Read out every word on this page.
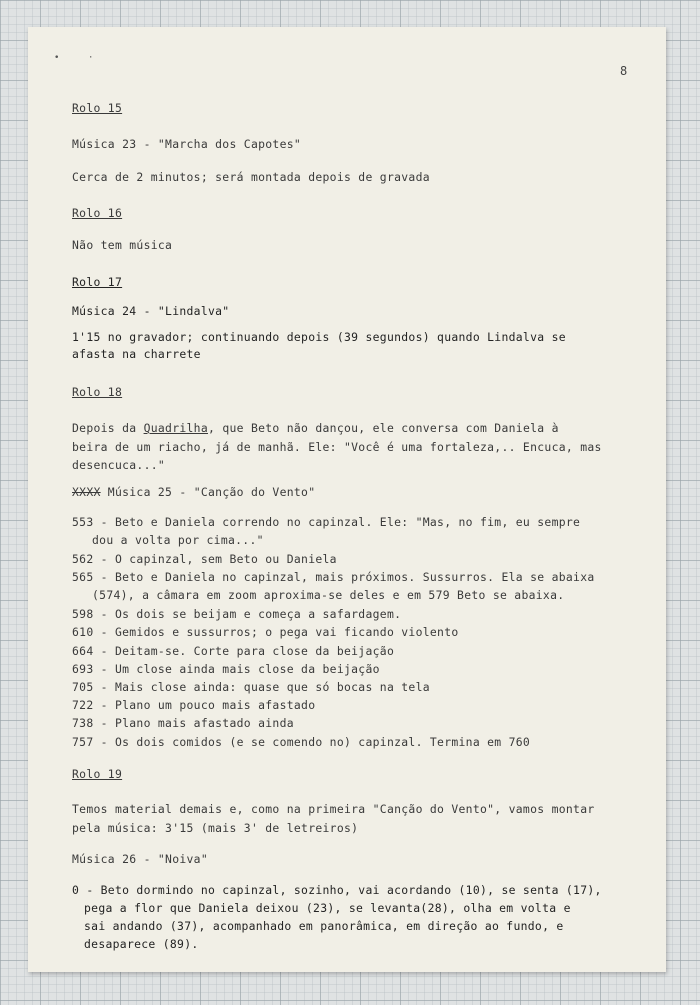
•	·
8
Rolo 15
Música 23 - "Marcha dos Capotes"
Cerca de 2 minutos; será montada depois de gravada
Rolo 16
Não tem música
Rolo 17
Música 24 - "Lindalva"
1'15 no gravador; continuando depois (39 segundos) quando Lindalva se
afasta na charrete
Rolo 18
Depois da Quadrilha, que Beto não dançou, ele conversa com Daniela à
beira de um riacho, já de manhã. Ele: "Você é uma fortaleza,.. Encuca, mas
desencuca..."
XXXX Música 25 - "Canção do Vento"
553 - Beto e Daniela correndo no capinzal. Ele: "Mas, no fim, eu sempre
dou a volta por cima..."
562 - O capinzal, sem Beto ou Daniela
565 - Beto e Daniela no capinzal, mais próximos. Sussurros. Ela se abaixa
(574), a câmara em zoom aproxima-se deles e em 579 Beto se abaixa.
598 - Os dois se beijam e começa a safardagem.
610 - Gemidos e sussurros; o pega vai ficando violento
664 - Deitam-se. Corte para close da beijação
693 - Um close ainda mais close da beijação
705 - Mais close ainda: quase que só bocas na tela
722 - Plano um pouco mais afastado
738 - Plano mais afastado ainda
757 - Os dois comidos (e se comendo no) capinzal. Termina em 760
Rolo 19
Temos material demais e, como na primeira "Canção do Vento", vamos montar
pela música: 3'15 (mais 3' de letreiros)
Música 26 - "Noiva"
0 - Beto dormindo no capinzal, sozinho, vai acordando (10), se senta (17),
pega a flor que Daniela deixou (23), se levanta(28), olha em volta e
sai andando (37), acompanhado em panorâmica, em direção ao fundo, e
desaparece (89).
